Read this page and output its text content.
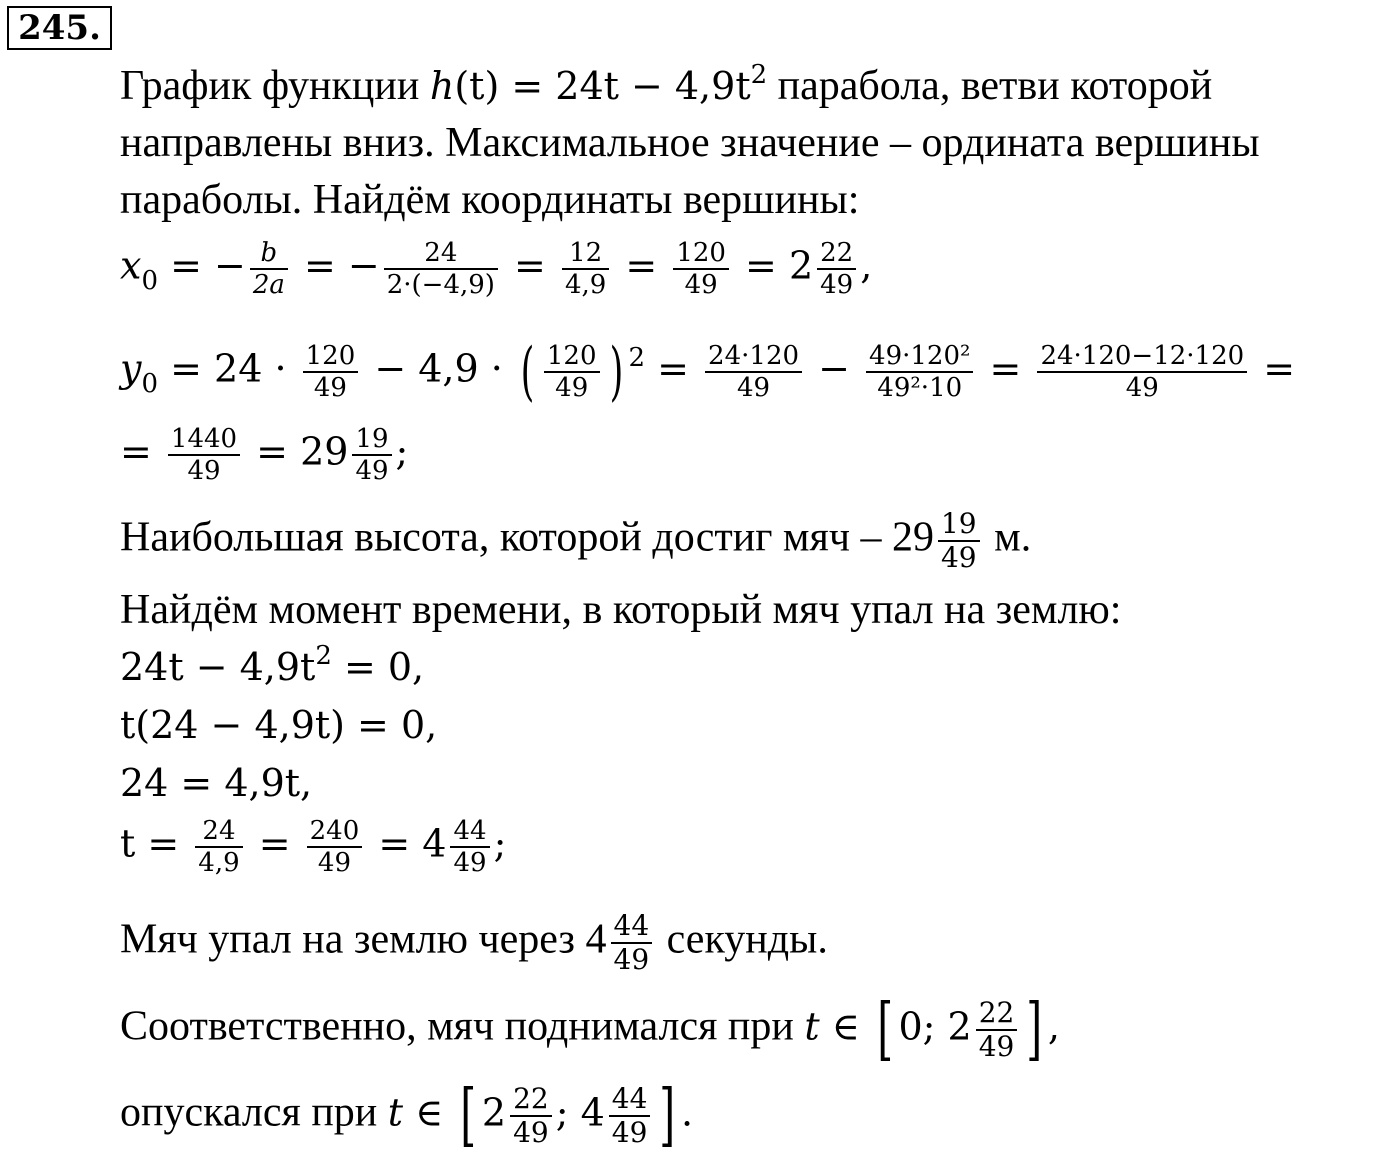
245.
График функции $h(t) = 24t - 4,9t^2$ парабола, ветви которой
направлены вниз. Максимальное значение – ордината вершины
параболы. Найдём координаты вершины:
$x_0$ = − $\frac{b}{2a}$ = − $\frac{24}{2\cdot(-4,9)} = \frac{12}{4,9} = \frac{120}{49} = 2 \frac{22}{49}$ ,
$y_0 = 24 \cdot \frac{120}{49} - 4,9$ · ( $\frac{120}{49}$ ) $^2 = \frac{24\cdot 120}{49} - \frac{\text{49·120²}}{\text{49²·10}} = \frac{24\cdot 120-12\cdot 120}{49}$ =
= $\frac{1440}{49} = 29 \frac{19}{49}$ ;
Наибольшая высота, которой достиг мяч – $29 \frac{19}{49} м$.
Найдём момент времени, в который мяч упал на землю:
$24t - 4,9t^2 = 0$,
t(24 − 4,9t) = 0,
24 = 4,9t,
$t = \frac{24}{4,9} = \frac{240}{49} = 4 \frac{44}{49}$ ;
Мяч упал на землю через $4 \frac{44}{49}$ секунды.
Соответственно, мяч поднимался при t ∈ [ 0; $2 \frac{22}{49}$ ] ,
опускался при t ∈ [ $2 \frac{22}{49}$ ; $4 \frac{44}{49}$ ] .
